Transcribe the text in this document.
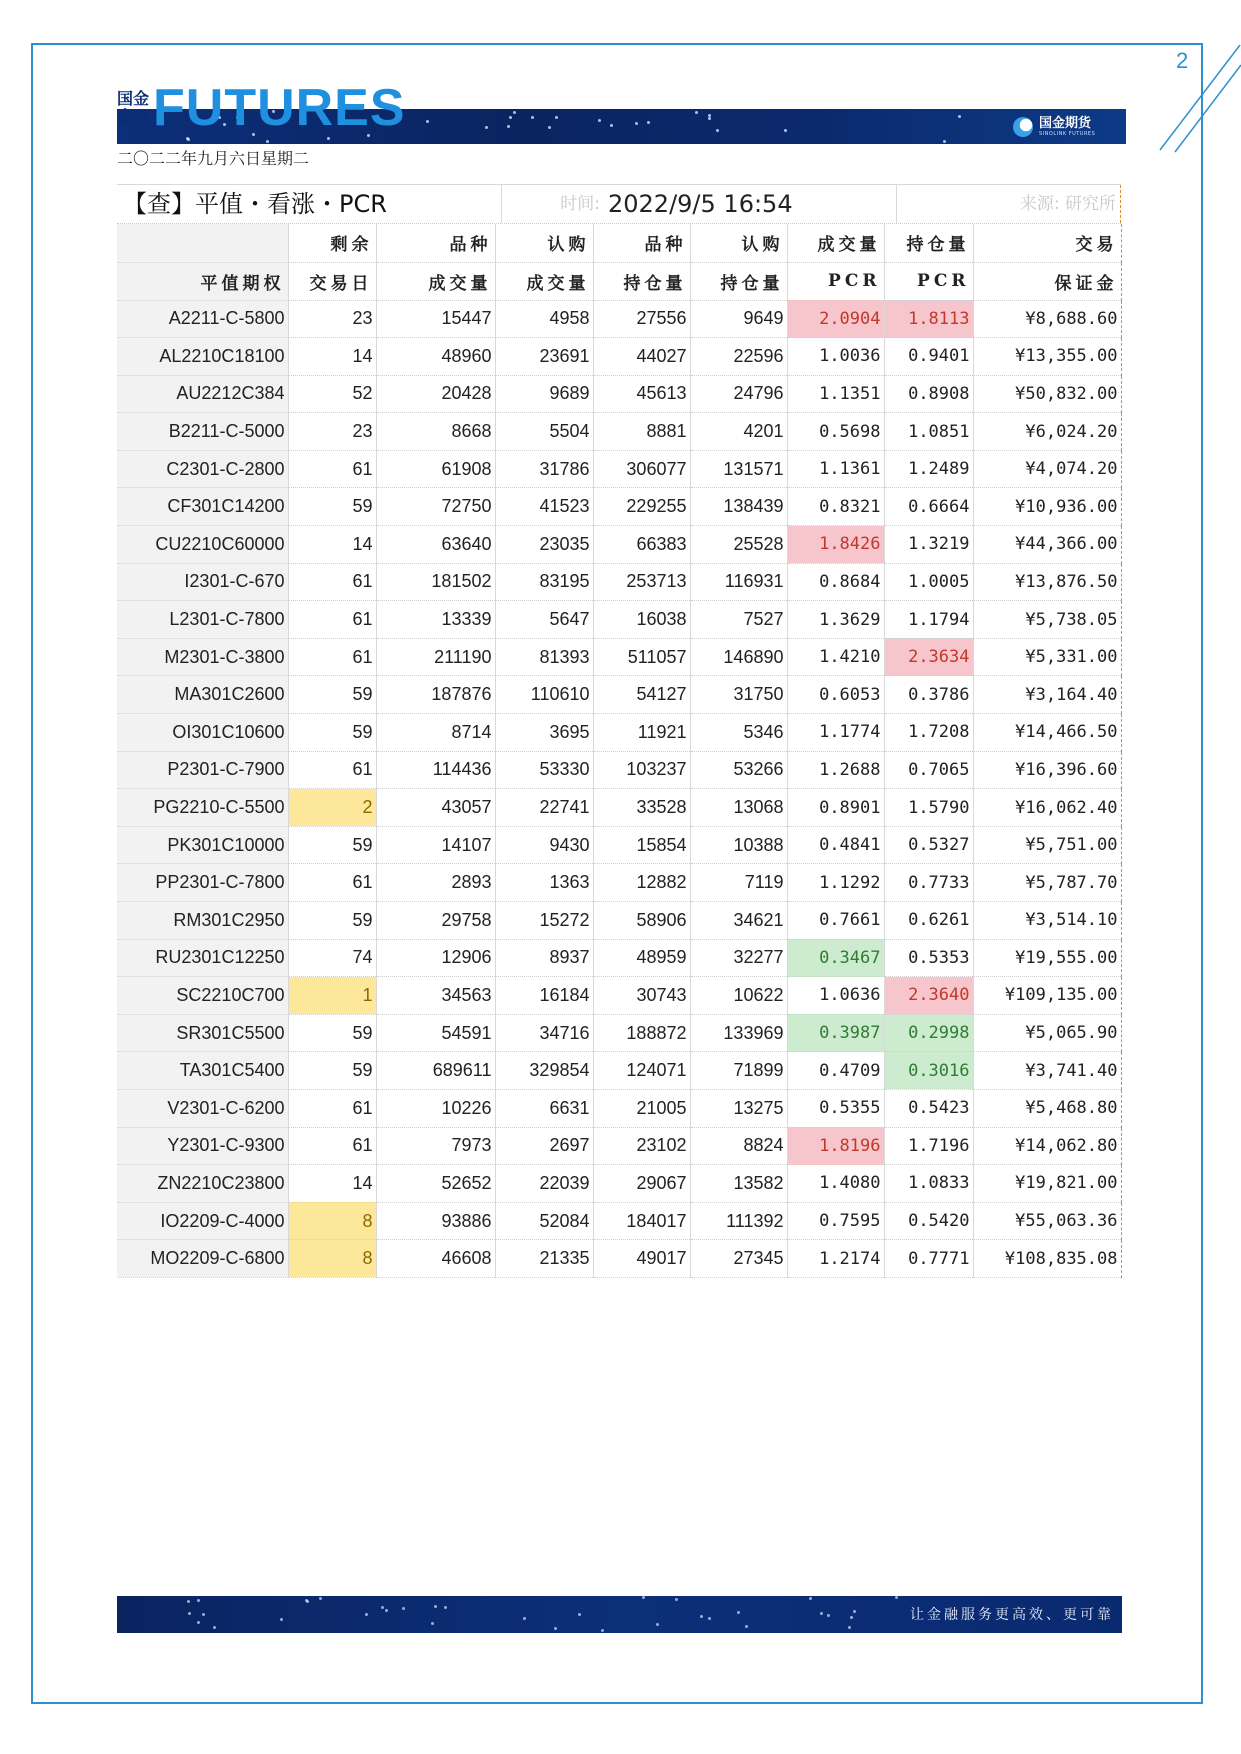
2
国金
会 + FUTURES	国金期货
SINOLINK FUTURES
二〇二二年九月六日星期二
【查】平值・看涨・PCR	时间: 2022/9/5 16:54	来源: 研究所
	剩余	品种	认购	品种	认购	成交量	持仓量	交易
平值期权	交易日	成交量	成交量	持仓量	持仓量	PCR	PCR	保证金
A2211-C-5800	23	15447	4958	27556	9649	2.0904	1.8113	¥8,688.60
AL2210C18100	14	48960	23691	44027	22596	1.0036	0.9401	¥13,355.00
AU2212C384	52	20428	9689	45613	24796	1.1351	0.8908	¥50,832.00
B2211-C-5000	23	8668	5504	8881	4201	0.5698	1.0851	¥6,024.20
C2301-C-2800	61	61908	31786	306077	131571	1.1361	1.2489	¥4,074.20
CF301C14200	59	72750	41523	229255	138439	0.8321	0.6664	¥10,936.00
CU2210C60000	14	63640	23035	66383	25528	1.8426	1.3219	¥44,366.00
I2301-C-670	61	181502	83195	253713	116931	0.8684	1.0005	¥13,876.50
L2301-C-7800	61	13339	5647	16038	7527	1.3629	1.1794	¥5,738.05
M2301-C-3800	61	211190	81393	511057	146890	1.4210	2.3634	¥5,331.00
MA301C2600	59	187876	110610	54127	31750	0.6053	0.3786	¥3,164.40
OI301C10600	59	8714	3695	11921	5346	1.1774	1.7208	¥14,466.50
P2301-C-7900	61	114436	53330	103237	53266	1.2688	0.7065	¥16,396.60
PG2210-C-5500	2	43057	22741	33528	13068	0.8901	1.5790	¥16,062.40
PK301C10000	59	14107	9430	15854	10388	0.4841	0.5327	¥5,751.00
PP2301-C-7800	61	2893	1363	12882	7119	1.1292	0.7733	¥5,787.70
RM301C2950	59	29758	15272	58906	34621	0.7661	0.6261	¥3,514.10
RU2301C12250	74	12906	8937	48959	32277	0.3467	0.5353	¥19,555.00
SC2210C700	1	34563	16184	30743	10622	1.0636	2.3640	¥109,135.00
SR301C5500	59	54591	34716	188872	133969	0.3987	0.2998	¥5,065.90
TA301C5400	59	689611	329854	124071	71899	0.4709	0.3016	¥3,741.40
V2301-C-6200	61	10226	6631	21005	13275	0.5355	0.5423	¥5,468.80
Y2301-C-9300	61	7973	2697	23102	8824	1.8196	1.7196	¥14,062.80
ZN2210C23800	14	52652	22039	29067	13582	1.4080	1.0833	¥19,821.00
IO2209-C-4000	8	93886	52084	184017	111392	0.7595	0.5420	¥55,063.36
MO2209-C-6800	8	46608	21335	49017	27345	1.2174	0.7771	¥108,835.08
让金融服务更高效、更可靠
